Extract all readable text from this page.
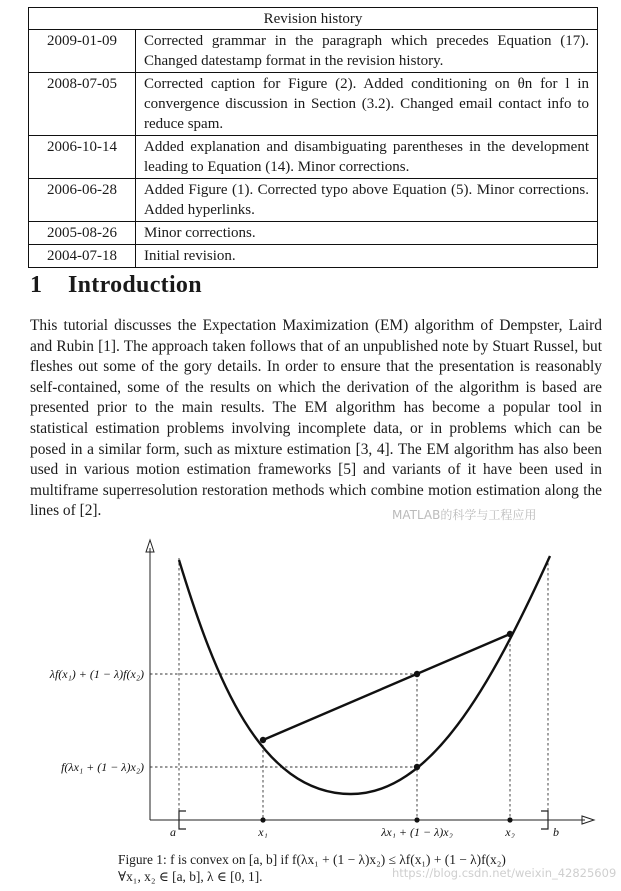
Revision history	
2009-01-09	Corrected grammar in the paragraph which precedes Equation (17). Changed datestamp format in the revision history.
2008-07-05	Corrected caption for Figure (2). Added conditioning on θn for l in convergence discussion in Section (3.2). Changed email contact info to reduce spam.
2006-10-14	Added explanation and disambiguating parentheses in the development leading to Equation (14). Minor corrections.
2006-06-28	Added Figure (1). Corrected typo above Equation (5). Minor corrections. Added hyperlinks.
2005-08-26	Minor corrections.
2004-07-18	Initial revision.
1 Introduction

This tutorial discusses the Expectation Maximization (EM) algorithm of Dempster, Laird and Rubin [1]. The approach taken follows that of an unpublished note by Stuart Russel, but fleshes out some of the gory details. In order to ensure that the presentation is reasonably self-contained, some of the results on which the derivation of the algorithm is based are presented prior to the main results. The EM algorithm has become a popular tool in statistical estimation problems involving incomplete data, or in problems which can be posed in a similar form, such as mixture estimation [3, 4]. The EM algorithm has also been used in various motion estimation frameworks [5] and variants of it have been used in multiframe superresolution restoration methods which combine motion estimation along the lines of [2].

λf(x₁) + (1 − λ)f(x₂)
f(λx₁ + (1 − λ)x₂)
a	x₁	λx₁ + (1 − λ)x₂	x₂	b

Figure 1: f is convex on [a, b] if f(λx₁ + (1 − λ)x₂) ≤ λf(x₁) + (1 − λ)f(x₂)
∀x₁, x₂ ∈ [a, b], λ ∈ [0, 1].

MATLAB的科学与工程应用
https://blog.csdn.net/weixin_42825609
